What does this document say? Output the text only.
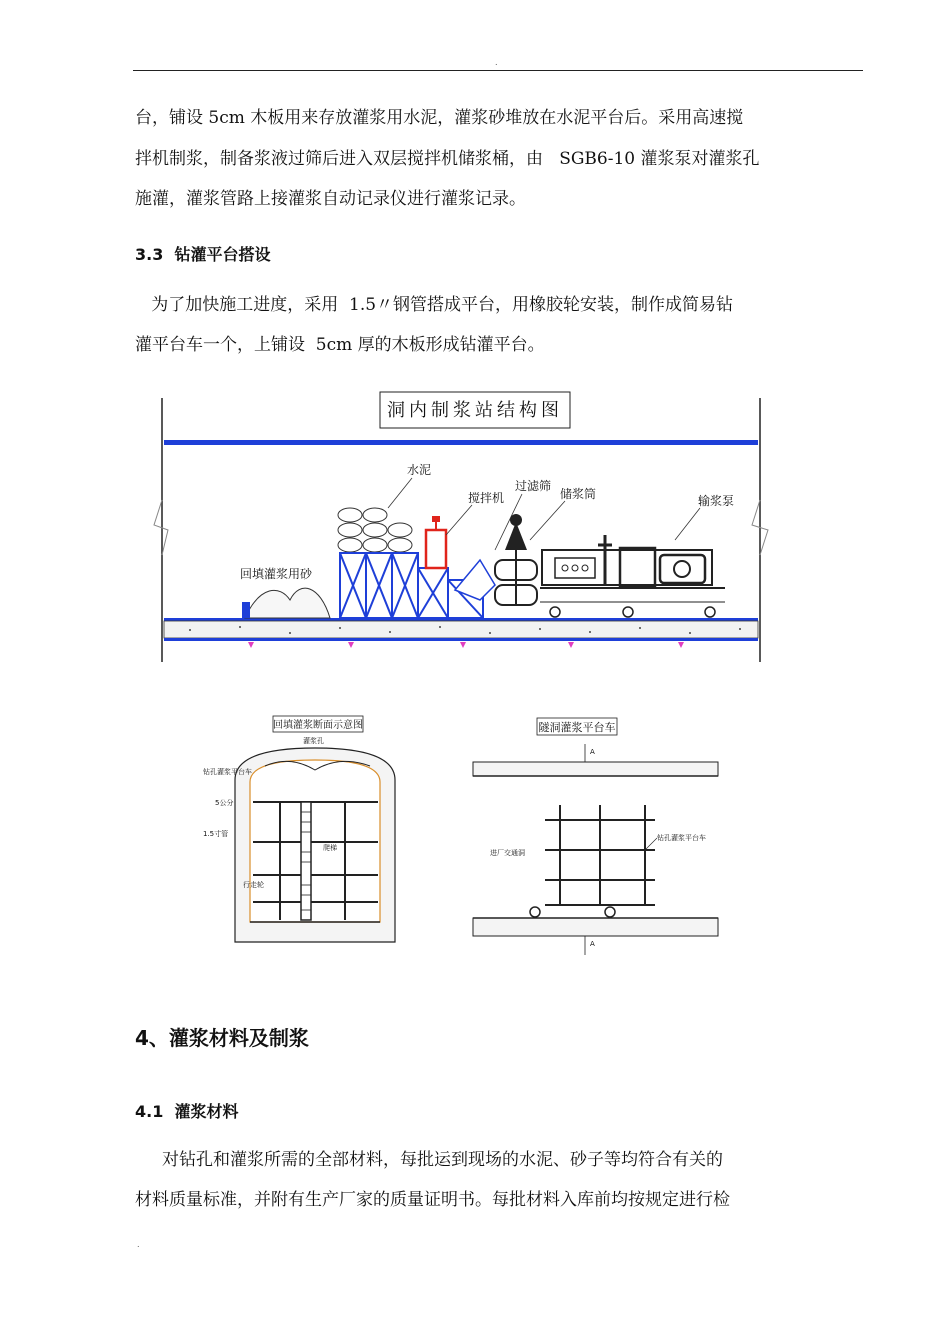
.
台，铺设 5cm 木板用来存放灌浆用水泥，灌浆砂堆放在水泥平台后。采用高速搅
拌机制浆，制备浆液过筛后进入双层搅拌机储浆桶，由   SGB6-10 灌浆泵对灌浆孔
施灌，灌浆管路上接灌浆自动记录仪进行灌浆记录。
3.3  钻灌平台搭设
为了加快施工进度，采用  1.5〃钢管搭成平台，用橡胶轮安装，制作成简易钻
灌平台车一个，上铺设  5cm 厚的木板形成钻灌平台。
洞内制浆站结构图
回填灌浆用砂
水泥
搅拌机
过滤筛
储浆筒	输浆泵
回填灌浆断面示意图
灌浆孔
钻孔灌浆平台车
5公分
1.5寸管
爬梯
行走轮
隧洞灌浆平台车
A
A
进厂交通洞
钻孔灌浆平台车
4、灌浆材料及制浆
4.1  灌浆材料
对钻孔和灌浆所需的全部材料，每批运到现场的水泥、砂子等均符合有关的
材料质量标准，并附有生产厂家的质量证明书。每批材料入库前均按规定进行检
.
